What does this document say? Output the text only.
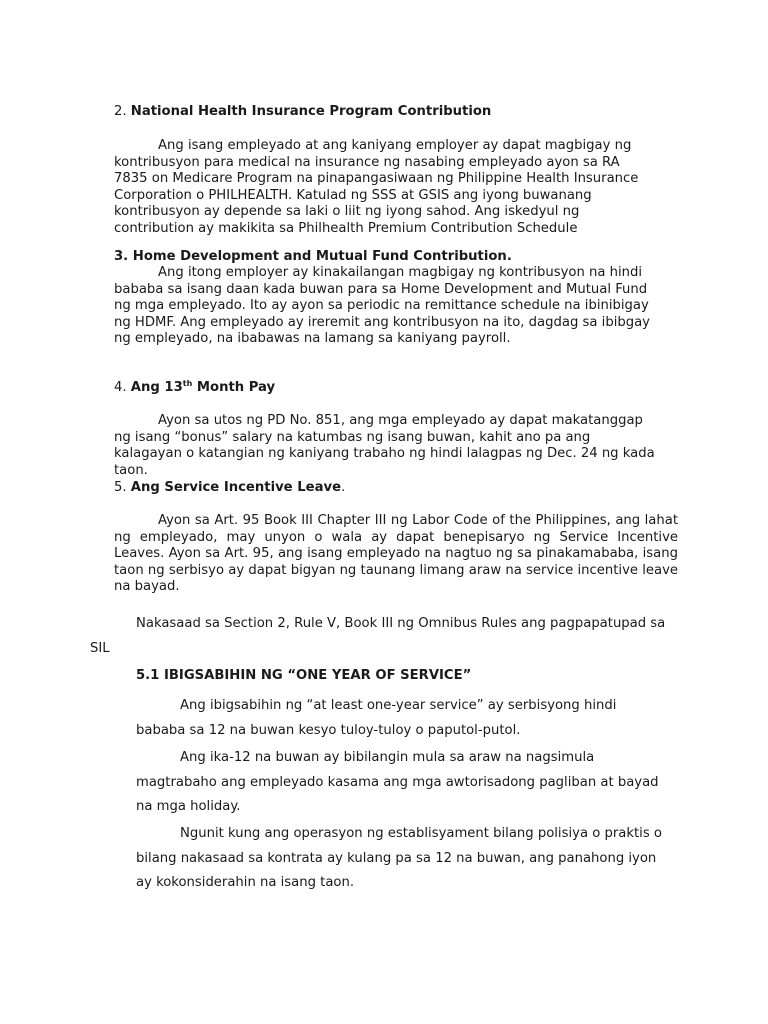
2. National Health Insurance Program Contribution

Ang isang empleyado at ang kaniyang employer ay dapat magbigay ng kontribusyon para medical na insurance ng nasabing empleyado ayon sa RA 7835 on Medicare Program na pinapangasiwaan ng Philippine Health Insurance Corporation o PHILHEALTH. Katulad ng SSS at GSIS ang iyong buwanang kontribusyon ay depende sa laki o liit ng iyong sahod. Ang iskedyul ng contribution ay makikita sa Philhealth Premium Contribution Schedule

3. Home Development and Mutual Fund Contribution.

Ang itong employer ay kinakailangan magbigay ng kontribusyon na hindi bababa sa isang daan kada buwan para sa Home Development and Mutual Fund ng mga empleyado. Ito ay ayon sa periodic na remittance schedule na ibinibigay ng HDMF. Ang empleyado ay ireremit ang kontribusyon na ito, dagdag sa ibibgay ng empleyado, na ibabawas na lamang sa kaniyang payroll.

4. Ang 13th Month Pay

Ayon sa utos ng PD No. 851, ang mga empleyado ay dapat makatanggap ng isang “bonus” salary na katumbas ng isang buwan, kahit ano pa ang kalagayan o katangian ng kaniyang trabaho ng hindi lalagpas ng Dec. 24 ng kada taon.

5. Ang Service Incentive Leave.

Ayon sa Art. 95 Book III Chapter III ng Labor Code of the Philippines, ang lahat ng empleyado, may unyon o wala ay dapat benepisaryo ng Service Incentive Leaves. Ayon sa Art. 95, ang isang empleyado na nagtuo ng sa pinakamababa, isang taon ng serbisyo ay dapat bigyan ng taunang limang araw na service incentive leave na bayad.

Nakasaad sa Section 2, Rule V, Book III ng Omnibus Rules ang pagpapatupad sa SIL

5.1 IBIGSABIHIN NG “ONE YEAR OF SERVICE”

Ang ibigsabihin ng “at least one-year service” ay serbisyong hindi bababa sa 12 na buwan kesyo tuloy-tuloy o paputol-putol.

Ang ika-12 na buwan ay bibilangin mula sa araw na nagsimula magtrabaho ang empleyado kasama ang mga awtorisadong pagliban at bayad na mga holiday.

Ngunit kung ang operasyon ng establisyament bilang polisiya o praktis o bilang nakasaad sa kontrata ay kulang pa sa 12 na buwan, ang panahong iyon ay kokonsiderahin na isang taon.
